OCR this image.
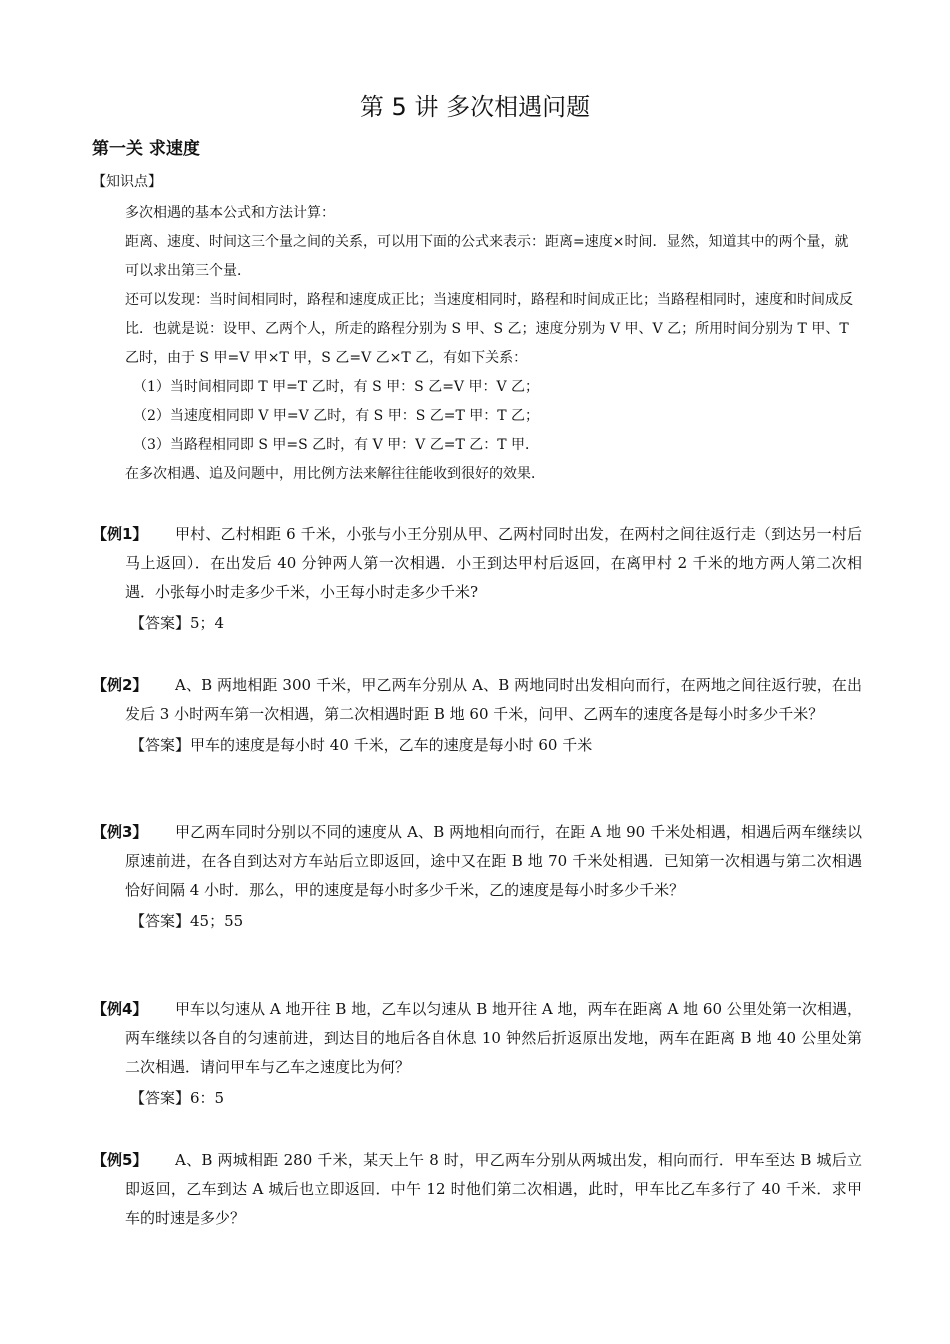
第 5 讲 多次相遇问题
第一关 求速度
【知识点】

多次相遇的基本公式和方法计算：

距离、速度、时间这三个量之间的关系，可以用下面的公式来表示：距离=速度×时间．显然，知道其中的两个量，就可以求出第三个量．

还可以发现：当时间相同时，路程和速度成正比；当速度相同时，路程和时间成正比；当路程相同时，速度和时间成反比．也就是说：设甲、乙两个人，所走的路程分别为 S 甲、S 乙；速度分别为 V 甲、V 乙；所用时间分别为 T 甲、T 乙时，由于 S 甲=V 甲×T 甲，S 乙=V 乙×T 乙，有如下关系：

（1）当时间相同即 T 甲=T 乙时，有 S 甲：S 乙=V 甲：V 乙；

（2）当速度相同即 V 甲=V 乙时，有 S 甲：S 乙=T 甲：T 乙；

（3）当路程相同即 S 甲=S 乙时，有 V 甲：V 乙=T 乙：T 甲．

在多次相遇、追及问题中，用比例方法来解往往能收到很好的效果．

【例1】	甲村、乙村相距 6 千米，小张与小王分别从甲、乙两村同时出发，在两村之间往返行走（到达另一村后马上返回）．在出发后 40 分钟两人第一次相遇．小王到达甲村后返回，在离甲村 2 千米的地方两人第二次相遇．小张每小时走多少千米，小王每小时走多少千米?
【答案】5；4
【例2】	A、B 两地相距 300 千米，甲乙两车分别从 A、B 两地同时出发相向而行，在两地之间往返行驶，在出发后 3 小时两车第一次相遇，第二次相遇时距 B 地 60 千米，问甲、乙两车的速度各是每小时多少千米？
【答案】甲车的速度是每小时 40 千米，乙车的速度是每小时 60 千米
【例3】	甲乙两车同时分别以不同的速度从 A、B 两地相向而行，在距 A 地 90 千米处相遇，相遇后两车继续以原速前进，在各自到达对方车站后立即返回，途中又在距 B 地 70 千米处相遇．已知第一次相遇与第二次相遇恰好间隔 4 小时．那么，甲的速度是每小时多少千米，乙的速度是每小时多少千米？
【答案】45；55
【例4】	甲车以匀速从 A 地开往 B 地，乙车以匀速从 B 地开往 A 地，两车在距离 A 地 60 公里处第一次相遇，两车继续以各自的匀速前进，到达目的地后各自休息 10 钟然后折返原出发地，两车在距离 B 地 40 公里处第二次相遇．请问甲车与乙车之速度比为何？
【答案】6：5
【例5】	A、B 两城相距 280 千米，某天上午 8 时，甲乙两车分别从两城出发，相向而行．甲车至达 B 城后立即返回，乙车到达 A 城后也立即返回．中午 12 时他们第二次相遇，此时，甲车比乙车多行了 40 千米．求甲车的时速是多少？
